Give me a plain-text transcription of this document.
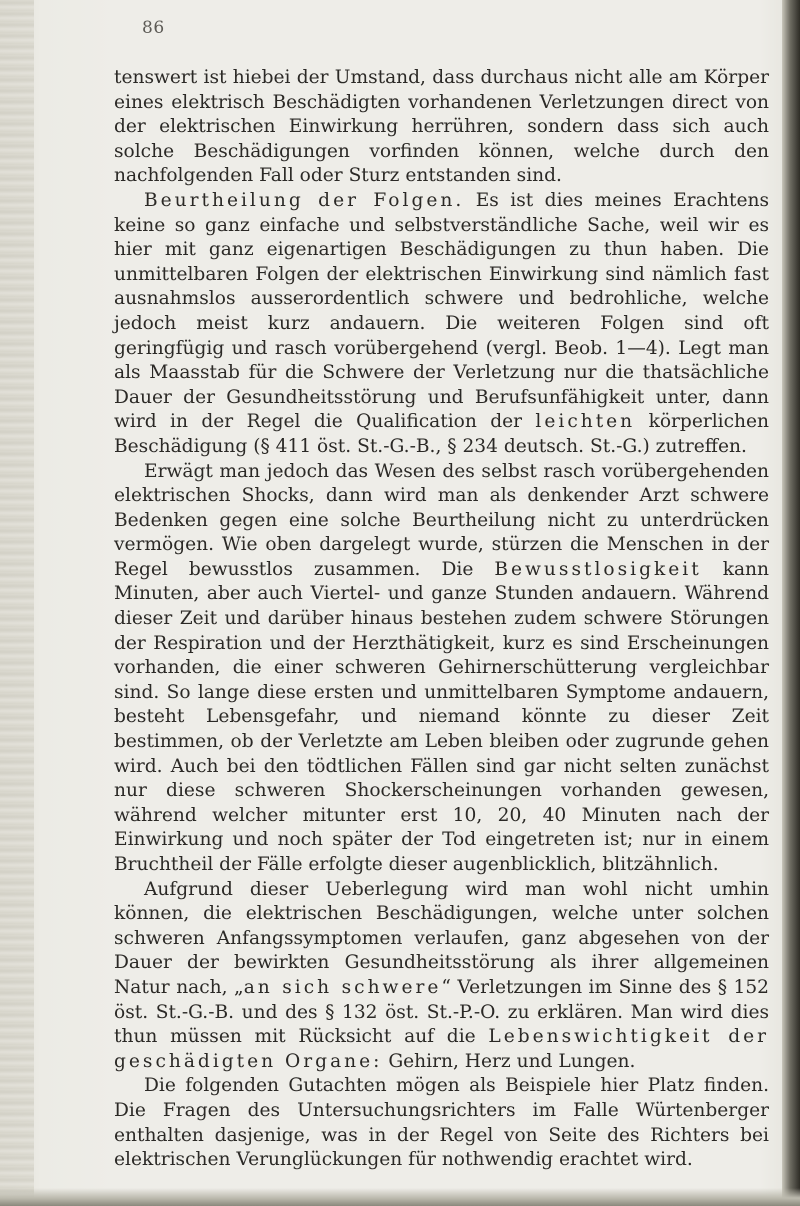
86

tenswert ist hiebei der Umstand, dass durchaus nicht alle am Körper eines elektrisch Beschädigten vorhandenen Verletzungen direct von der elektrischen Einwirkung herrühren, sondern dass sich auch solche Beschädigungen vorfinden können, welche durch den nachfolgenden Fall oder Sturz entstanden sind.

Beurtheilung der Folgen. Es ist dies meines Erachtens keine so ganz einfache und selbstverständliche Sache, weil wir es hier mit ganz eigenartigen Beschädigungen zu thun haben. Die unmittelbaren Folgen der elektrischen Einwirkung sind nämlich fast ausnahmslos ausserordentlich schwere und bedrohliche, welche jedoch meist kurz andauern. Die weiteren Folgen sind oft geringfügig und rasch vorübergehend (vergl. Beob. 1—4). Legt man als Maasstab für die Schwere der Verletzung nur die thatsächliche Dauer der Gesundheitsstörung und Berufsunfähigkeit unter, dann wird in der Regel die Qualification der leichten körperlichen Beschädigung (§ 411 öst. St.-G.-B., § 234 deutsch. St.-G.) zutreffen.

Erwägt man jedoch das Wesen des selbst rasch vorübergehenden elektrischen Shocks, dann wird man als denkender Arzt schwere Bedenken gegen eine solche Beurtheilung nicht zu unterdrücken vermögen. Wie oben dargelegt wurde, stürzen die Menschen in der Regel bewusstlos zusammen. Die Bewusstlosigkeit kann Minuten, aber auch Viertel- und ganze Stunden andauern. Während dieser Zeit und darüber hinaus bestehen zudem schwere Störungen der Respiration und der Herzthätigkeit, kurz es sind Erscheinungen vorhanden, die einer schweren Gehirnerschütterung vergleichbar sind. So lange diese ersten und unmittelbaren Symptome andauern, besteht Lebensgefahr, und niemand könnte zu dieser Zeit bestimmen, ob der Verletzte am Leben bleiben oder zugrunde gehen wird. Auch bei den tödtlichen Fällen sind gar nicht selten zunächst nur diese schweren Shockerscheinungen vorhanden gewesen, während welcher mitunter erst 10, 20, 40 Minuten nach der Einwirkung und noch später der Tod eingetreten ist; nur in einem Bruchtheil der Fälle erfolgte dieser augenblicklich, blitzähnlich.

Aufgrund dieser Ueberlegung wird man wohl nicht umhin können, die elektrischen Beschädigungen, welche unter solchen schweren Anfangssymptomen verlaufen, ganz abgesehen von der Dauer der bewirkten Gesundheitsstörung als ihrer allgemeinen Natur nach, „an sich schwere“ Verletzungen im Sinne des § 152 öst. St.-G.-B. und des § 132 öst. St.-P.-O. zu erklären. Man wird dies thun müssen mit Rücksicht auf die Lebenswichtigkeit der geschädigten Organe: Gehirn, Herz und Lungen.

Die folgenden Gutachten mögen als Beispiele hier Platz finden. Die Fragen des Untersuchungsrichters im Falle Würtenberger enthalten dasjenige, was in der Regel von Seite des Richters bei elektrischen Verunglückungen für nothwendig erachtet wird.
